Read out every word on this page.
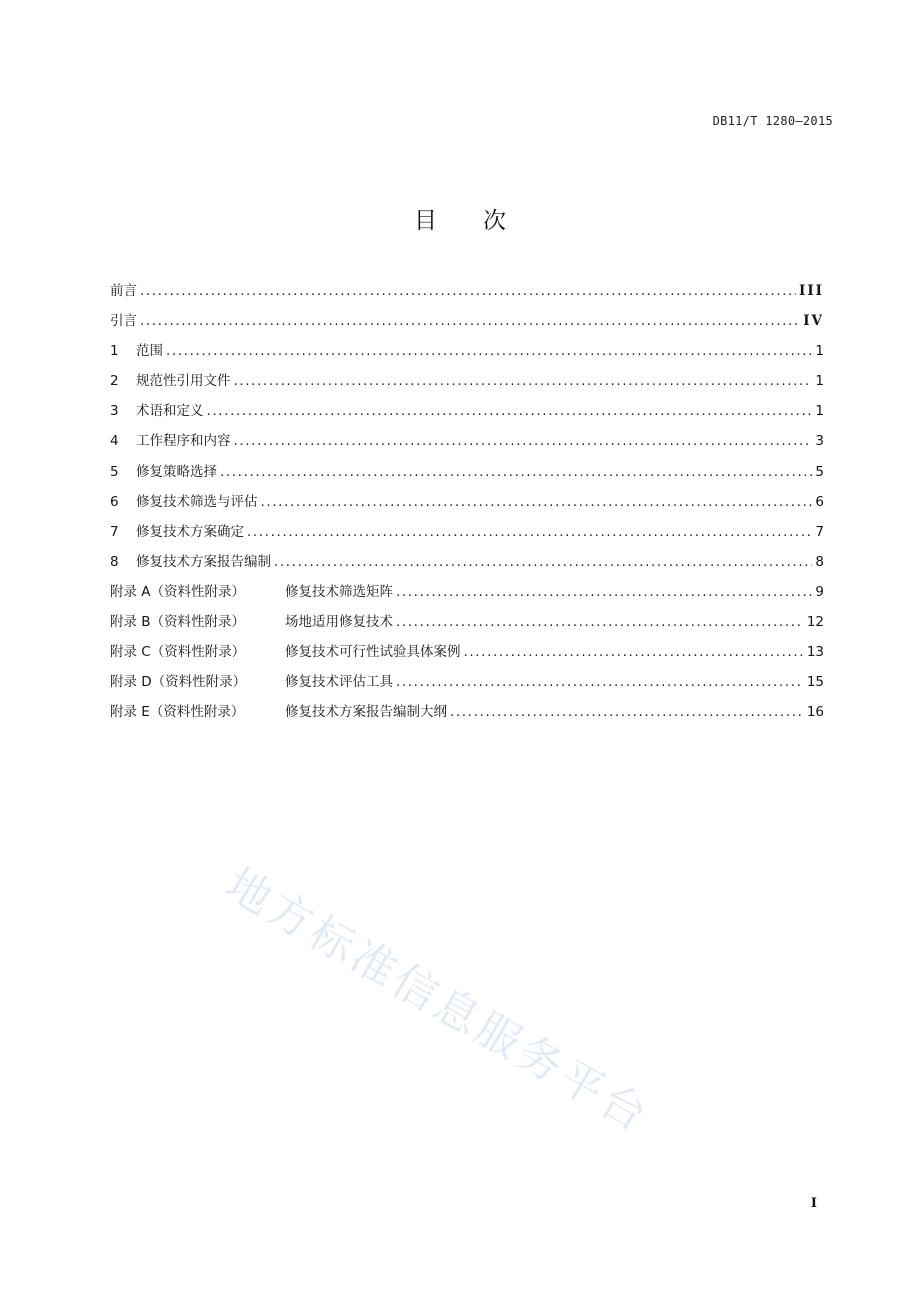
DB11/T 1280—2015
目 次
前言 .....	III
引言 .....	IV
1	范围 .....	1
2	规范性引用文件 .....	1
3	术语和定义 .....	1
4	工作程序和内容 .....	3
5	修复策略选择 .....	5
6	修复技术筛选与评估 .....	6
7	修复技术方案确定 .....	7
8	修复技术方案报告编制 .....	8
附录 A（资料性附录）	修复技术筛选矩阵 .....	9
附录 B（资料性附录）	场地适用修复技术 .....	12
附录 C（资料性附录）	修复技术可行性试验具体案例 .....	13
附录 D（资料性附录）	修复技术评估工具 .....	15
附录 E（资料性附录）	修复技术方案报告编制大纲 .....	16
地方标准信息服务平台
I
